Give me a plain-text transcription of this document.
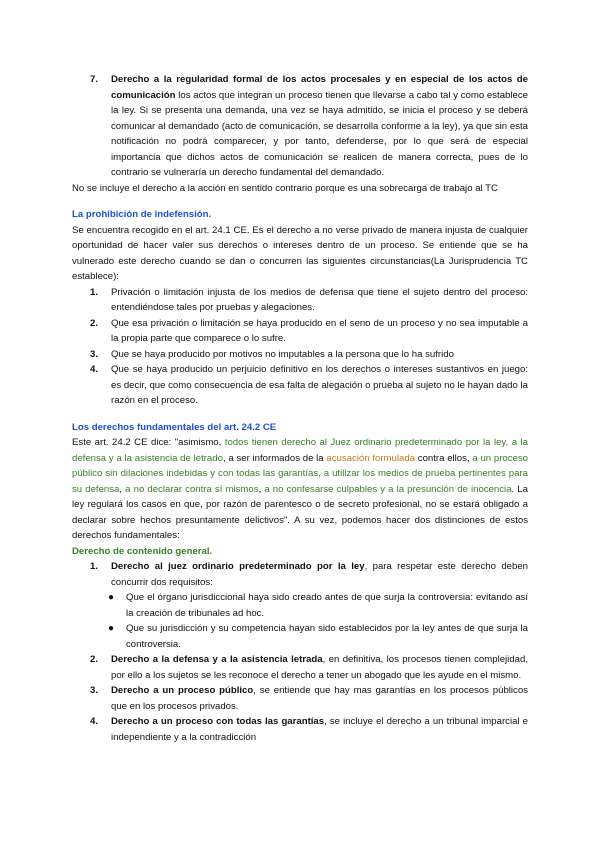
7. Derecho a la regularidad formal de los actos procesales y en especial de los actos de comunicación los actos que integran un proceso tienen que llevarse a cabo tal y como establece la ley. Si se presenta una demanda, una vez se haya admitido, se inicia el proceso y se deberá comunicar al demandado (acto de comunicación, se desarrolla conforme a la ley), ya que sin esta notificación no podrá comparecer, y por tanto, defenderse, por lo que será de especial importancia que dichos actos de comunicación se realicen de manera correcta, pues de lo contrario se vulneraría un derecho fundamental del demandado.

No se incluye el derecho a la acción en sentido contrario porque es una sobrecarga de trabajo al TC

La prohibición de indefensión.

Se encuentra recogido en el art. 24.1 CE. Es el derecho a no verse privado de manera injusta de cualquier oportunidad de hacer valer sus derechos o intereses dentro de un proceso. Se entiende que se ha vulnerado este derecho cuando se dan o concurren las siguientes circunstancias(La Jurisprudencia TC establece):

1. Privación o limitación injusta de los medios de defensa que tiene el sujeto dentro del proceso: entendiéndose tales por pruebas y alegaciones.
2. Que esa privación o limitación se haya producido en el seno de un proceso y no sea imputable a la propia parte que comparece o lo sufre.
3. Que se haya producido por motivos no imputables a la persona que lo ha sufrido
4. Que se haya producido un perjuicio definitivo en los derechos o intereses sustantivos en juego: es decir, que como consecuencia de esa falta de alegación o prueba al sujeto no le hayan dado la razón en el proceso.

Los derechos fundamentales del art. 24.2 CE

Este art. 24.2 CE dice: "asimismo, todos tienen derecho al Juez ordinario predeterminado por la ley, a la defensa y a la asistencia de letrado, a ser informados de la acusación formulada contra ellos, a un proceso público sin dilaciones indebidas y con todas las garantías, a utilizar los medios de prueba pertinentes para su defensa, a no declarar contra sí mismos, a no confesarse culpables y a la presunción de inocencia. La ley regulará los casos en que, por razón de parentesco o de secreto profesional, no se estará obligado a declarar sobre hechos presuntamente delictivos". A su vez, podemos hacer dos distinciones de estos derechos fundamentales:

Derecho de contenido general.

1. Derecho al juez ordinario predeterminado por la ley, para respetar este derecho deben concurrir dos requisitos:
● Que el órgano jurisdiccional haya sido creado antes de que surja la controversia: evitando así la creación de tribunales ad hoc.
● Que su jurisdicción y su competencia hayan sido establecidos por la ley antes de que surja la controversia.
2. Derecho a la defensa y a la asistencia letrada, en definitiva, los procesos tienen complejidad, por ello a los sujetos se les reconoce el derecho a tener un abogado que les ayude en el mismo.
3. Derecho a un proceso público, se entiende que hay mas garantías en los procesos públicos que en los procesos privados.
4. Derecho a un proceso con todas las garantías, se incluye el derecho a un tribunal imparcial e independiente y a la contradicción
